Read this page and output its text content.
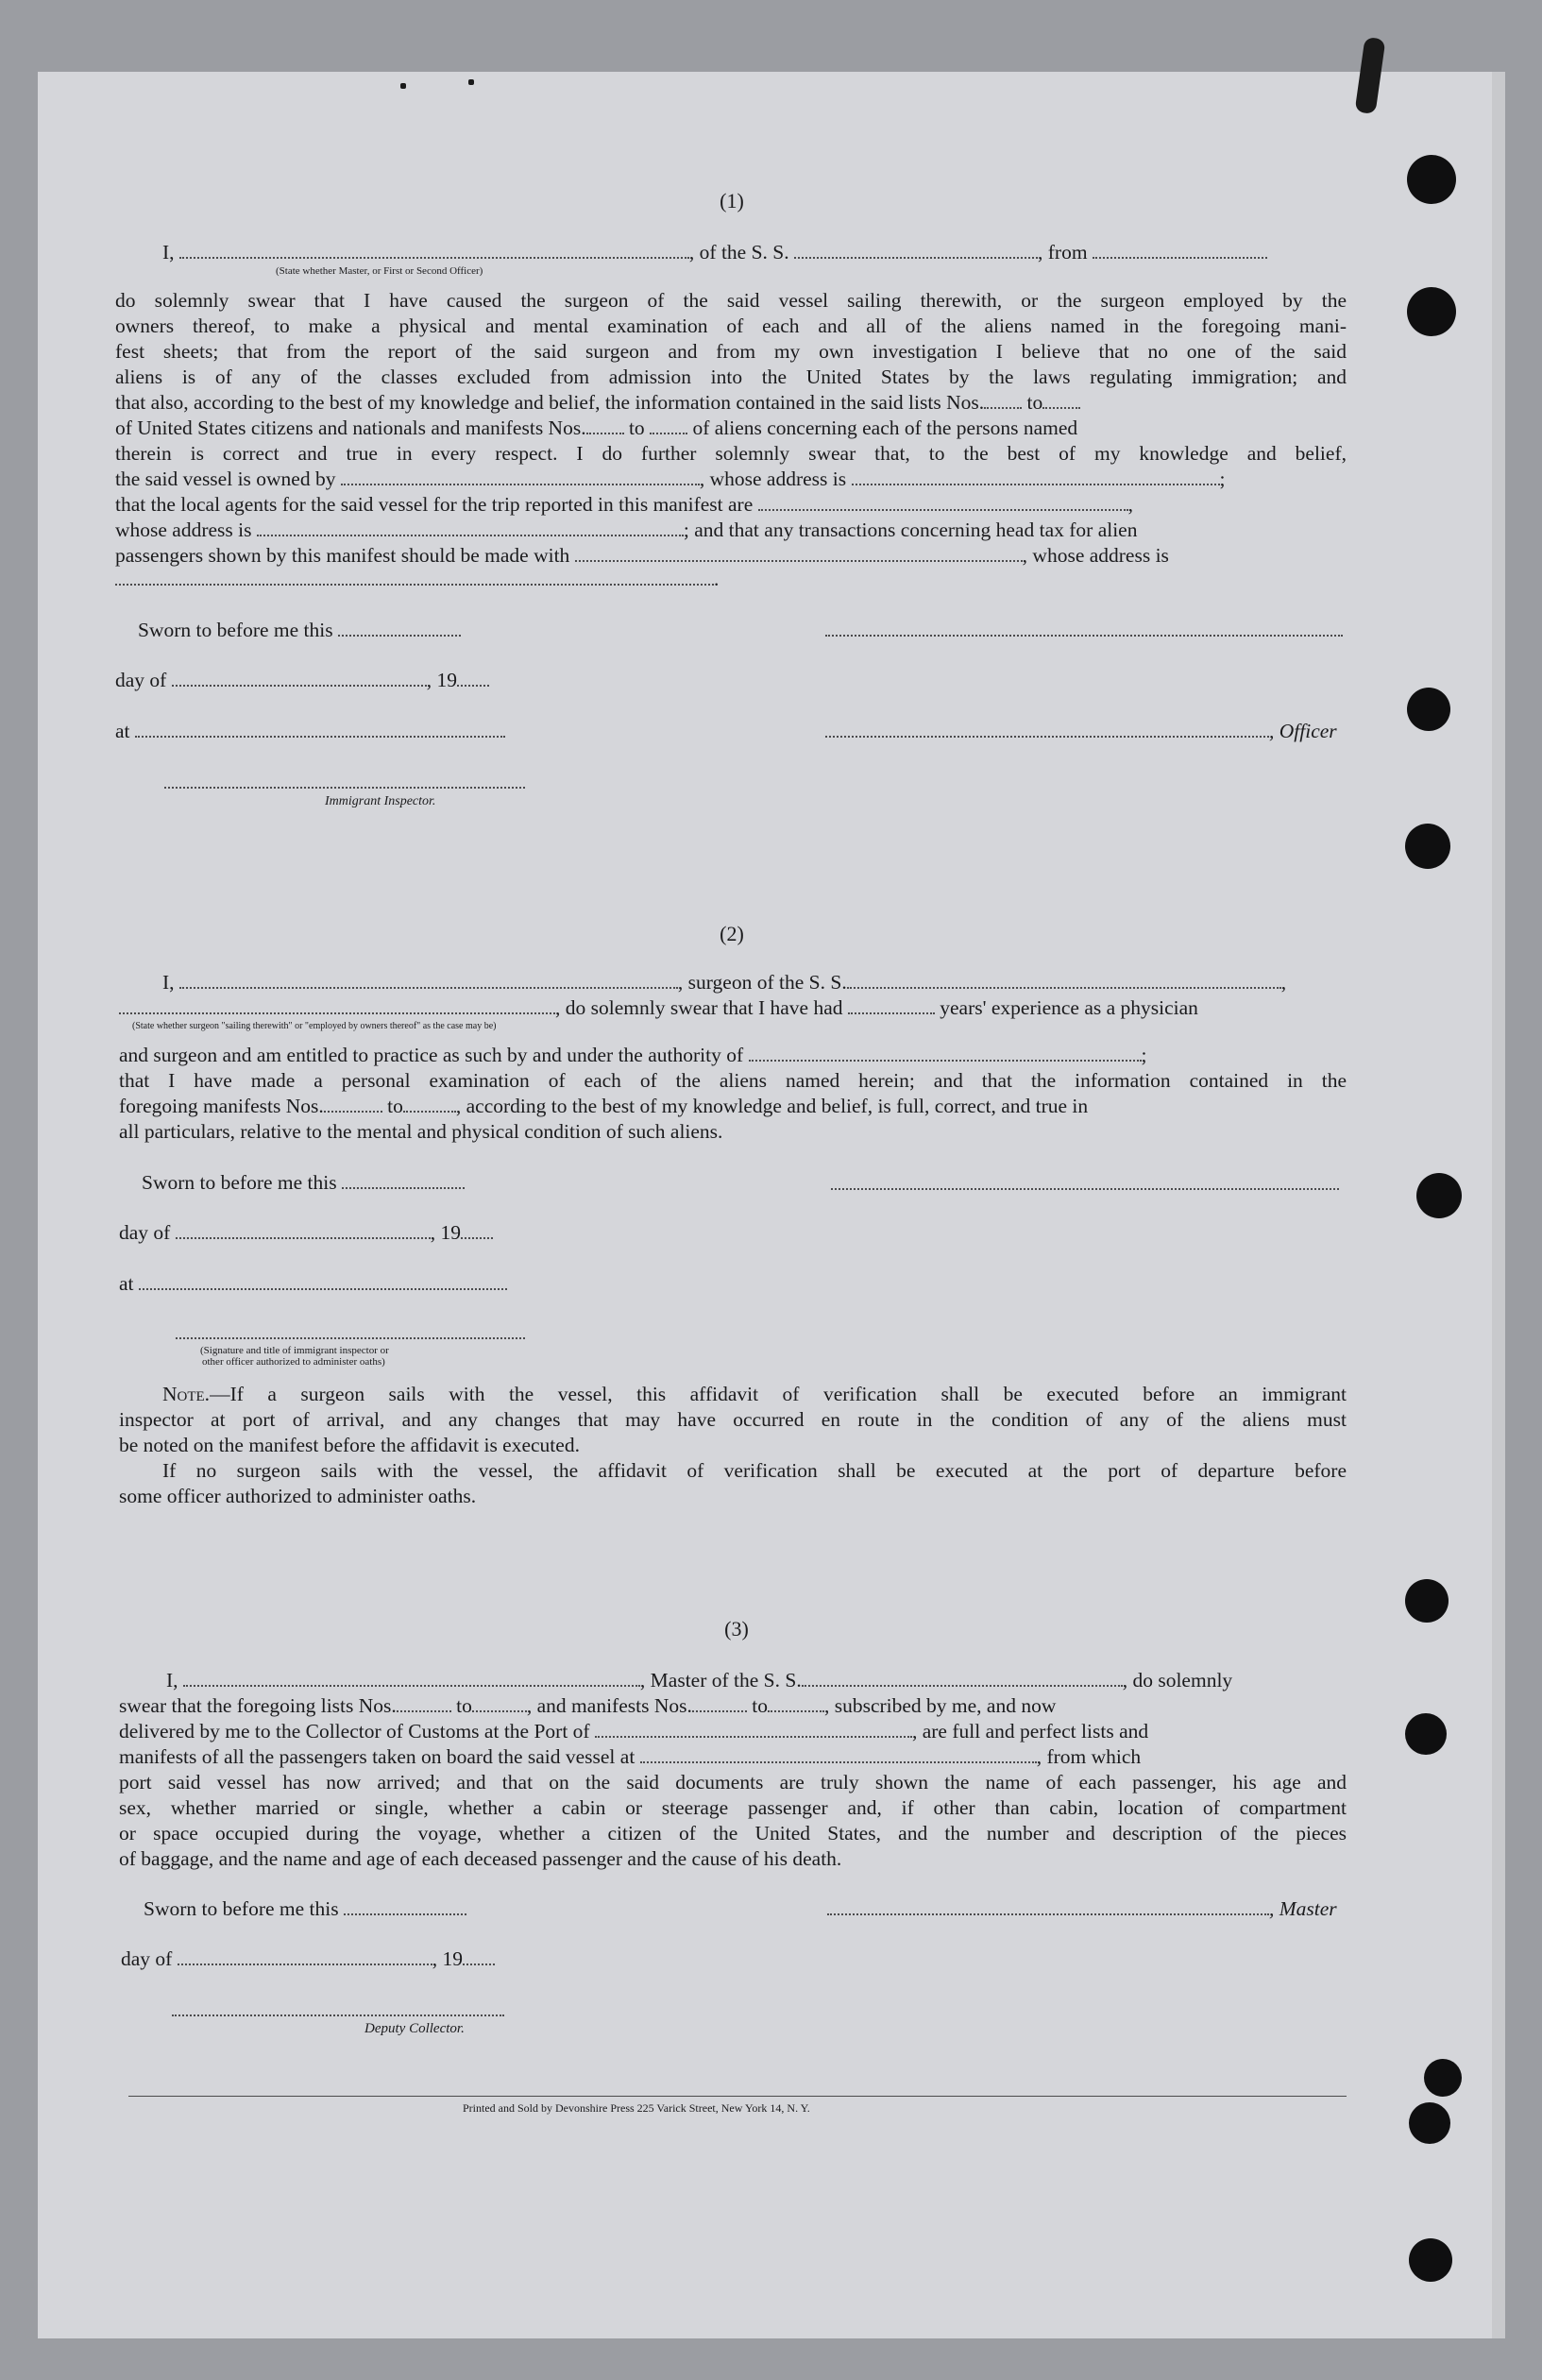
(1)
I,	, of the S. S.	, from
(State whether Master, or First or Second Officer)
do solemnly swear that I have caused the surgeon of the said vessel sailing therewith, or the surgeon employed by the
owners thereof, to make a physical and mental examination of each and all of the aliens named in the foregoing mani-
fest sheets; that from the report of the said surgeon and from my own investigation I believe that no one of the said
aliens is of any of the classes excluded from admission into the United States by the laws regulating immigration; and
that also, according to the best of my knowledge and belief, the information contained in the said lists Nos. to
of United States citizens and nationals and manifests Nos. to of aliens concerning each of the persons named
therein is correct and true in every respect. I do further solemnly swear that, to the best of my knowledge and belief,
the said vessel is owned by	, whose address is	;
that the local agents for the said vessel for the trip reported in this manifest are	,
whose address is	; and that any transactions concerning head tax for alien
passengers shown by this manifest should be made with	, whose address is
.
Sworn to before me this
day of	, 19
at	, Officer
Immigrant Inspector.
(2)
I,	, surgeon of the S. S.	,
, do solemnly swear that I have had	years' experience as a physician
(State whether surgeon "sailing therewith" or "employed by owners thereof" as the case may be)
and surgeon and am entitled to practice as such by and under the authority of	;
that I have made a personal examination of each of the aliens named herein; and that the information contained in the
foregoing manifests Nos.	to	, according to the best of my knowledge and belief, is full, correct, and true in
all particulars, relative to the mental and physical condition of such aliens.
Sworn to before me this
day of	, 19
at
(Signature and title of immigrant inspector or
other officer authorized to administer oaths)
Note.—If a surgeon sails with the vessel, this affidavit of verification shall be executed before an immigrant
inspector at port of arrival, and any changes that may have occurred en route in the condition of any of the aliens must
be noted on the manifest before the affidavit is executed.
If no surgeon sails with the vessel, the affidavit of verification shall be executed at the port of departure before
some officer authorized to administer oaths.
(3)
I,	, Master of the S. S.	, do solemnly
swear that the foregoing lists Nos.	to	, and manifests Nos.	to	, subscribed by me, and now
delivered by me to the Collector of Customs at the Port of	, are full and perfect lists and
manifests of all the passengers taken on board the said vessel at	, from which
port said vessel has now arrived; and that on the said documents are truly shown the name of each passenger, his age and
sex, whether married or single, whether a cabin or steerage passenger and, if other than cabin, location of compartment
or space occupied during the voyage, whether a citizen of the United States, and the number and description of the pieces
of baggage, and the name and age of each deceased passenger and the cause of his death.
Sworn to before me this	, Master
day of	, 19
Deputy Collector.
Printed and Sold by Devonshire Press 225 Varick Street, New York 14, N. Y.
